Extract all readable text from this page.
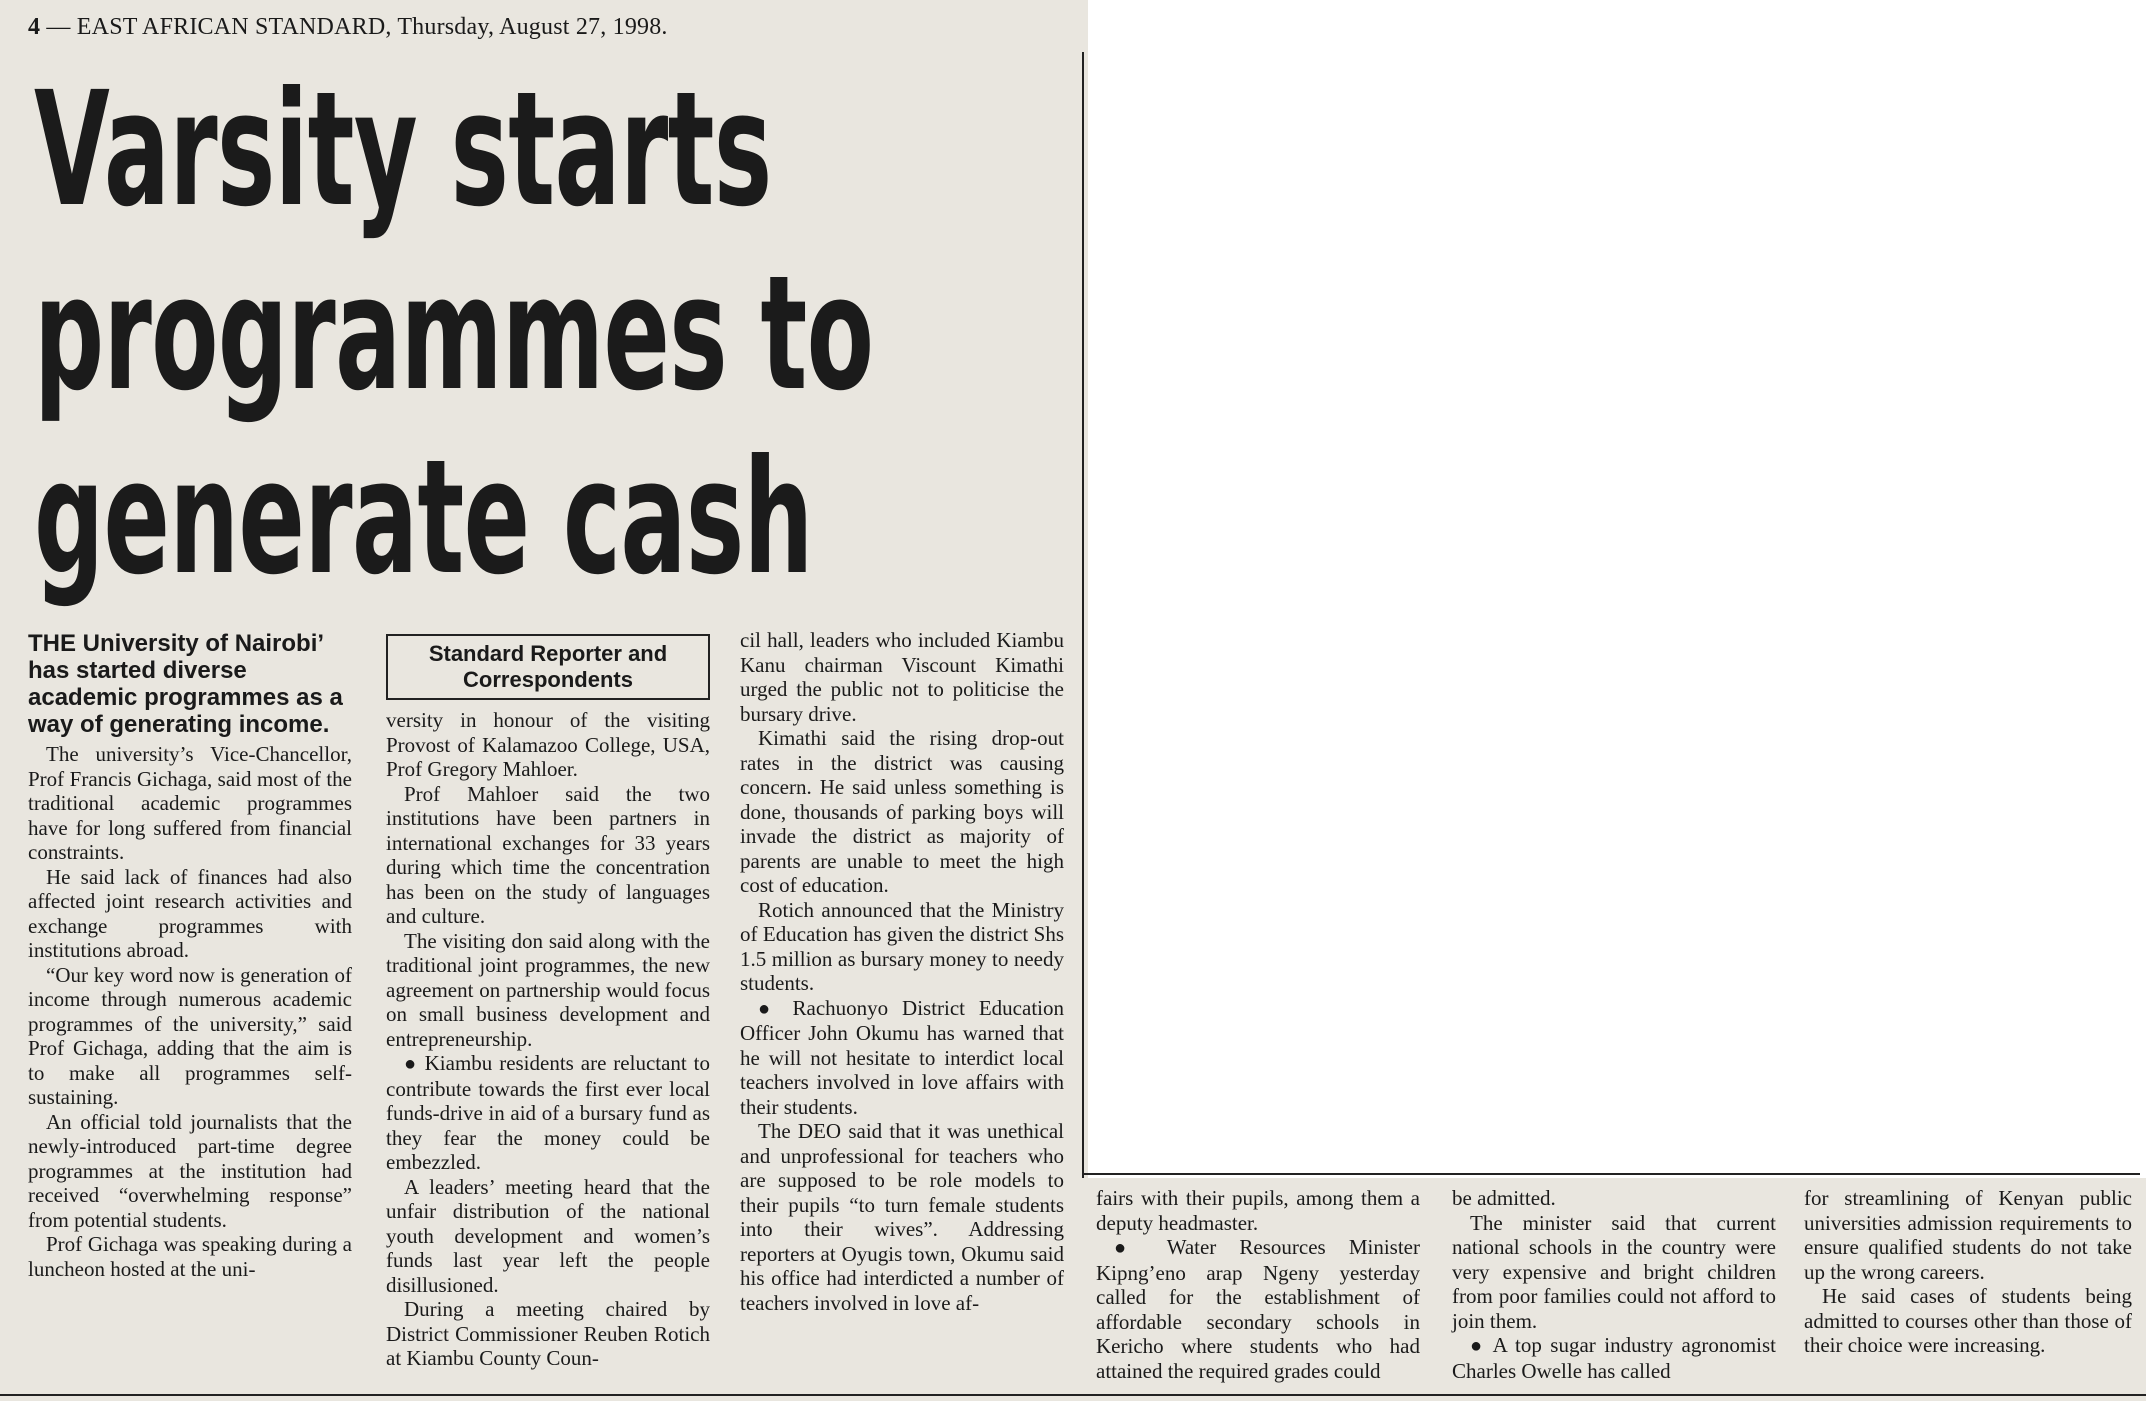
4 — EAST AFRICAN STANDARD, Thursday, August 27, 1998.
Varsity starts
programmes to
generate cash

THE University of Nairobi’ has started diverse academic programmes as a way of generating income.

The university’s Vice-Chancellor, Prof Francis Gichaga, said most of the traditional academic programmes have for long suffered from financial constraints.

He said lack of finances had also affected joint research activities and exchange programmes with institutions abroad.

“Our key word now is generation of income through numerous academic programmes of the university,” said Prof Gichaga, adding that the aim is to make all programmes self-sustaining.

An official told journalists that the newly-introduced part-time degree programmes at the institution had received “overwhelming response” from potential students.

Prof Gichaga was speaking during a luncheon hosted at the uni-

Standard Reporter and Correspondents

versity in honour of the visiting Provost of Kalamazoo College, USA, Prof Gregory Mahloer.

Prof Mahloer said the two institutions have been partners in international exchanges for 33 years during which time the concentration has been on the study of languages and culture.

The visiting don said along with the traditional joint programmes, the new agreement on partnership would focus on small business development and entrepreneurship.

● Kiambu residents are reluctant to contribute towards the first ever local funds-drive in aid of a bursary fund as they fear the money could be embezzled.

A leaders’ meeting heard that the unfair distribution of the national youth development and women’s funds last year left the people disillusioned.

During a meeting chaired by District Commissioner Reuben Rotich at Kiambu County Coun-

cil hall, leaders who included Kiambu Kanu chairman Viscount Kimathi urged the public not to politicise the bursary drive.

Kimathi said the rising drop-out rates in the district was causing concern. He said unless something is done, thousands of parking boys will invade the district as majority of parents are unable to meet the high cost of education.

Rotich announced that the Ministry of Education has given the district Shs 1.5 million as bursary money to needy students.

● Rachuonyo District Education Officer John Okumu has warned that he will not hesitate to interdict local teachers involved in love affairs with their students.

The DEO said that it was unethical and unprofessional for teachers who are supposed to be role models to their pupils “to turn female students into their wives”. Addressing reporters at Oyugis town, Okumu said his office had interdicted a number of teachers involved in love af-

fairs with their pupils, among them a deputy headmaster.

● Water Resources Minister Kipng’eno arap Ngeny yesterday called for the establishment of affordable secondary schools in Kericho where students who had attained the required grades could

be admitted.

The minister said that current national schools in the country were very expensive and bright children from poor families could not afford to join them.

● A top sugar industry agronomist Charles Owelle has called

for streamlining of Kenyan public universities admission requirements to ensure qualified students do not take up the wrong careers.

He said cases of students being admitted to courses other than those of their choice were increasing.
